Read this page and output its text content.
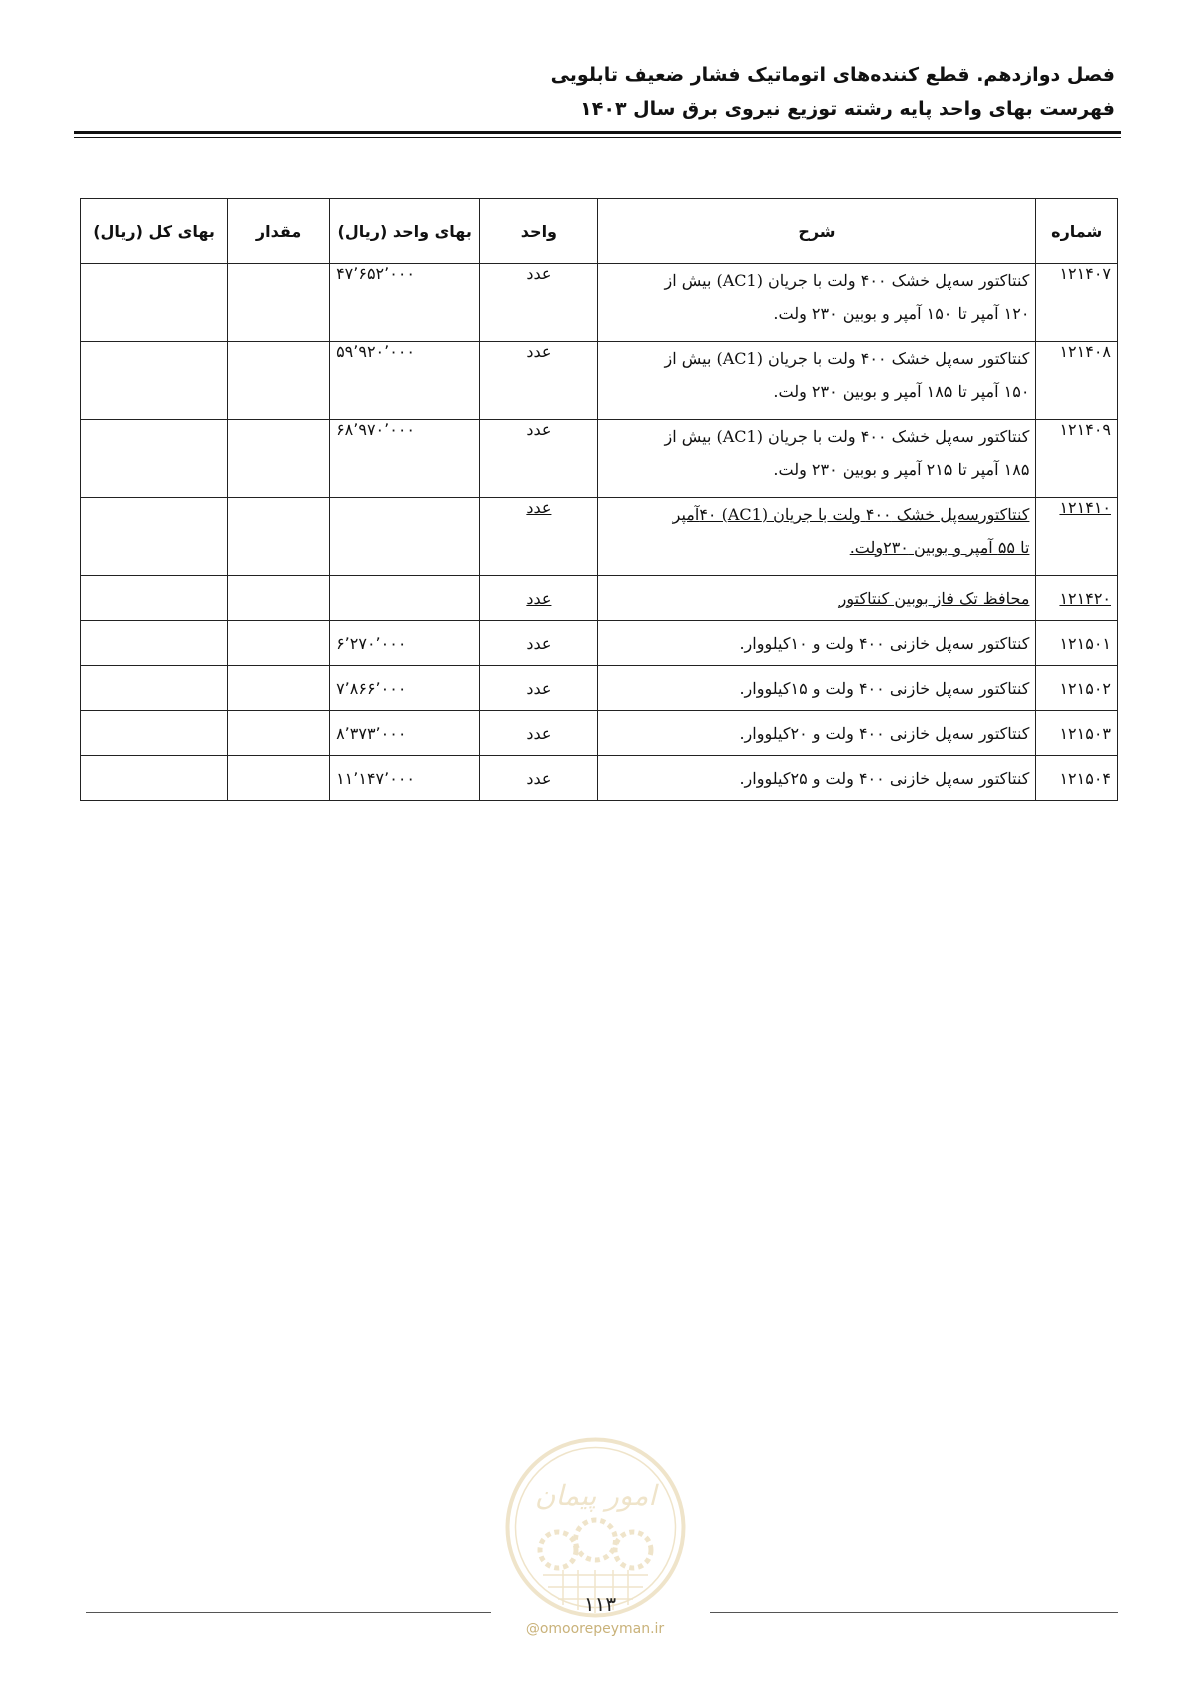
فصل دوازدهم. قطع کننده‌های اتوماتیک فشار ضعیف تابلویی
فهرست بهای واحد پایه رشته توزیع نیروی برق سال ۱۴۰۳
شماره	شرح	واحد	بهای واحد (ریال)	مقدار	بهای کل (ریال)
۱۲۱۴۰۷	کنتاکتور سه‌پل خشک ۴۰۰ ولت با جریان (AC1) بیش از
۱۲۰ آمپر تا ۱۵۰ آمپر و بوبین ۲۳۰ ولت.	عدد	۴۷٬۶۵۲٬۰۰۰		
۱۲۱۴۰۸	کنتاکتور سه‌پل خشک ۴۰۰ ولت با جریان (AC1) بیش از
۱۵۰ آمپر تا ۱۸۵ آمپر و بوبین ۲۳۰ ولت.	عدد	۵۹٬۹۲۰٬۰۰۰		
۱۲۱۴۰۹	کنتاکتور سه‌پل خشک ۴۰۰ ولت با جریان (AC1) بیش از
۱۸۵ آمپر تا ۲۱۵ آمپر و بوبین ۲۳۰ ولت.	عدد	۶۸٬۹۷۰٬۰۰۰		
۱۲۱۴۱۰	کنتاکتورسه‌پل خشک ۴۰۰ ولت با جریان (AC1) ۴۰آمپر
تا ۵۵ آمپر و بوبین ۲۳۰ولت.	عدد			
۱۲۱۴۲۰	محافظ تک فاز بوبین کنتاکتور	عدد			
۱۲۱۵۰۱	کنتاکتور سه‌پل خازنی ۴۰۰ ولت و ۱۰کیلووار.	عدد	۶٬۲۷۰٬۰۰۰		
۱۲۱۵۰۲	کنتاکتور سه‌پل خازنی ۴۰۰ ولت و ۱۵کیلووار.	عدد	۷٬۸۶۶٬۰۰۰		
۱۲۱۵۰۳	کنتاکتور سه‌پل خازنی ۴۰۰ ولت و ۲۰کیلووار.	عدد	۸٬۳۷۳٬۰۰۰		
۱۲۱۵۰۴	کنتاکتور سه‌پل خازنی ۴۰۰ ولت و ۲۵کیلووار.	عدد	۱۱٬۱۴۷٬۰۰۰		
امور پیمان
۱۱۳
@omoorepeyman.ir
